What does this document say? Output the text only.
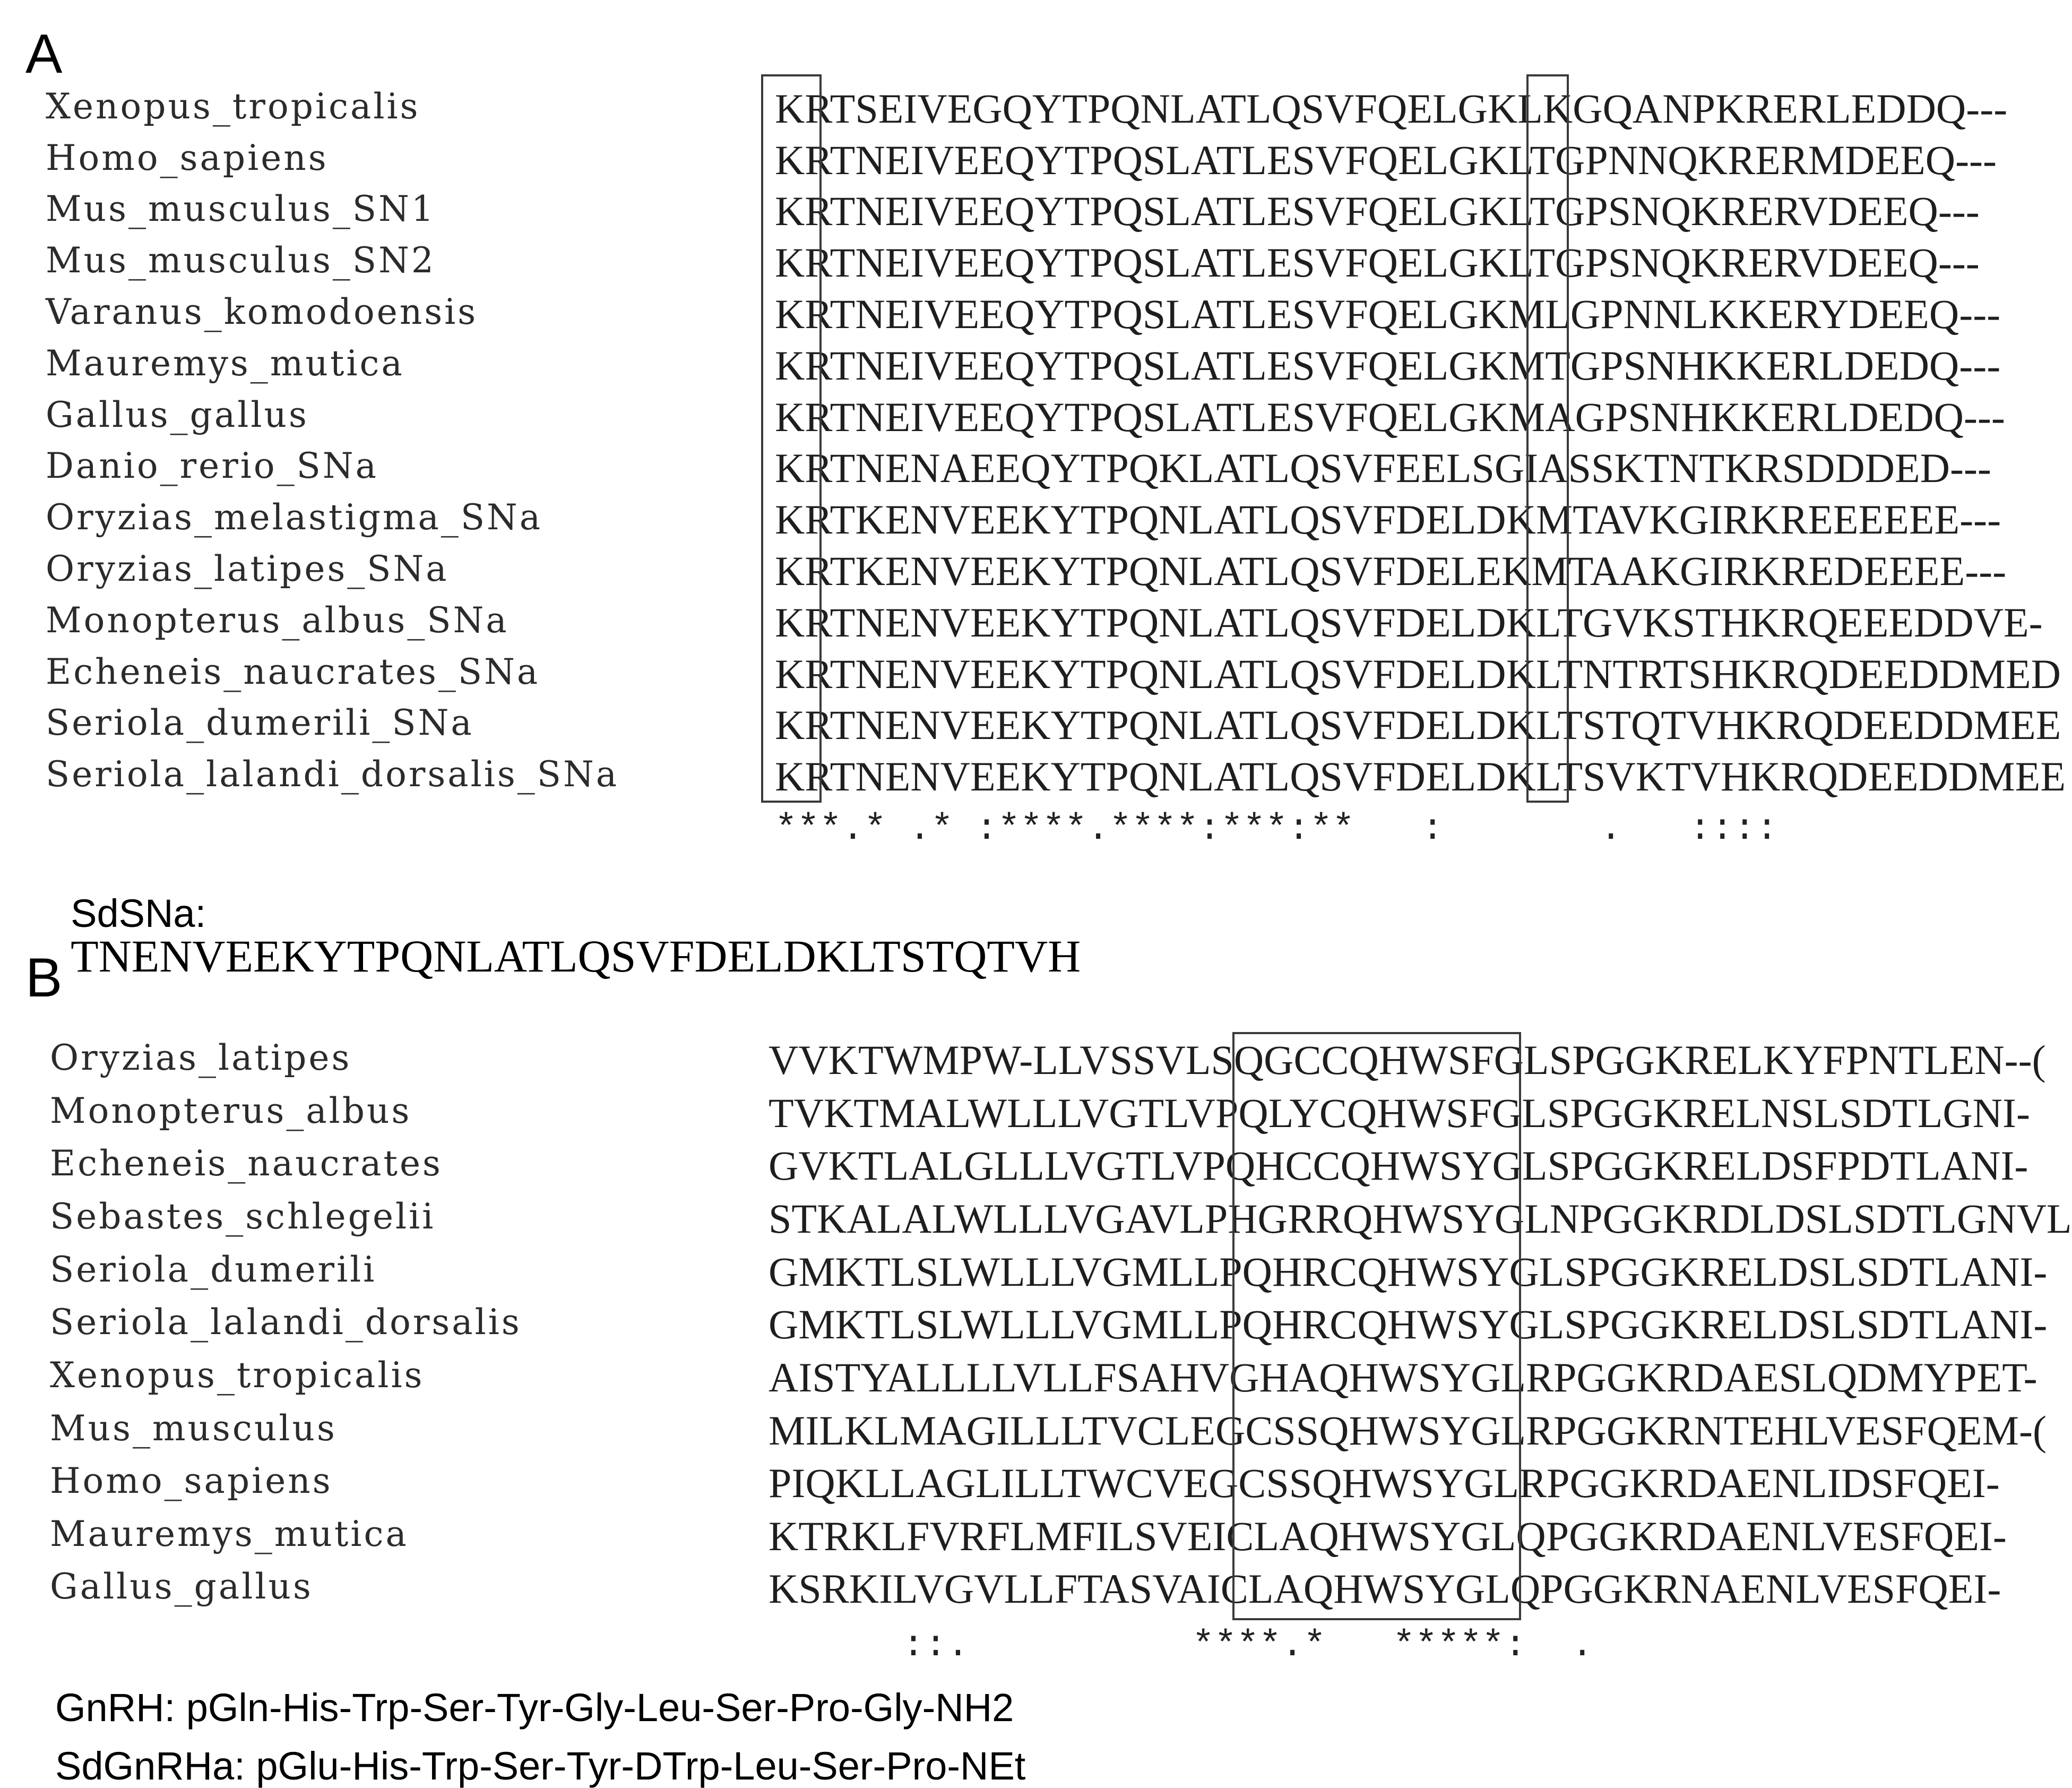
A
Xenopus_tropicalis
Homo_sapiens
Mus_musculus_SN1
Mus_musculus_SN2
Varanus_komodoensis
Mauremys_mutica
Gallus_gallus
Danio_rerio_SNa
Oryzias_melastigma_SNa
Oryzias_latipes_SNa
Monopterus_albus_SNa
Echeneis_naucrates_SNa
Seriola_dumerili_SNa
Seriola_lalandi_dorsalis_SNa
KRTSEIVEGQYTPQNLATLQSVFQELGKLKGQANPKRERLEDDQ---
KRTNEIVEEQYTPQSLATLESVFQELGKLTGPNNQKRERMDEEQ---
KRTNEIVEEQYTPQSLATLESVFQELGKLTGPSNQKRERVDEEQ---
KRTNEIVEEQYTPQSLATLESVFQELGKLTGPSNQKRERVDEEQ---
KRTNEIVEEQYTPQSLATLESVFQELGKMLGPNNLKKERYDEEQ---
KRTNEIVEEQYTPQSLATLESVFQELGKMTGPSNHKKERLDEDQ---
KRTNEIVEEQYTPQSLATLESVFQELGKMAGPSNHKKERLDEDQ---
KRTNENAEEQYTPQKLATLQSVFEELSGIASSKTNTKRSDDDED---
KRTKENVEEKYTPQNLATLQSVFDELDKMTAVKGIRKREEEEEE---
KRTKENVEEKYTPQNLATLQSVFDELEKMTAAKGIRKREDEEEE---
KRTNENVEEKYTPQNLATLQSVFDELDKLTGVKSTHKRQEEEDDVE-
KRTNENVEEKYTPQNLATLQSVFDELDKLTNTRTSHKRQDEEDDMED
KRTNENVEEKYTPQNLATLQSVFDELDKLTSTQTVHKRQDEEDDMEE
KRTNENVEEKYTPQNLATLQSVFDELDKLTSVKTVHKRQDEEDDMEE
***.* .* :****.****:***:**   :       .   ::::

SdSNa:
TNENVEEKYTPQNLATLQSVFDELDKLTSTQTVH

B
Oryzias_latipes
Monopterus_albus
Echeneis_naucrates
Sebastes_schlegelii
Seriola_dumerili
Seriola_lalandi_dorsalis
Xenopus_tropicalis
Mus_musculus
Homo_sapiens
Mauremys_mutica
Gallus_gallus
VVKTWMPW-LLVSSVLSQGCCQHWSFGLSPGGKRELKYFPNTLEN--(
TVKTMALWLLLVGTLVPQLYCQHWSFGLSPGGKRELNSLSDTLGNI-
GVKTLALGLLLVGTLVPQHCCQHWSYGLSPGGKRELDSFPDTLANI-
STKALALWLLLVGAVLPHGRRQHWSYGLNPGGKRDLDSLSDTLGNVL
GMKTLSLWLLLVGMLLPQHRCQHWSYGLSPGGKRELDSLSDTLANI-
GMKTLSLWLLLVGMLLPQHRCQHWSYGLSPGGKRELDSLSDTLANI-
AISTYALLLLVLLFSAHVGHAQHWSYGLRPGGKRDAESLQDMYPET-
MILKLMAGILLLTVCLEGCSSQHWSYGLRPGGKRNTEHLVESFQEM-(
PIQKLLAGLILLTWCVEGCSSQHWSYGLRPGGKRDAENLIDSFQEI-
KTRKLFVRFLMFILSVEICLAQHWSYGLQPGGKRDAENLVESFQEI-
KSRKILVGVLLFTASVAICLAQHWSYGLQPGGKRNAENLVESFQEI-
::.          ****.*   *****:  .
GnRH: pGln-His-Trp-Ser-Tyr-Gly-Leu-Ser-Pro-Gly-NH2
SdGnRHa: pGlu-His-Trp-Ser-Tyr-DTrp-Leu-Ser-Pro-NEt
